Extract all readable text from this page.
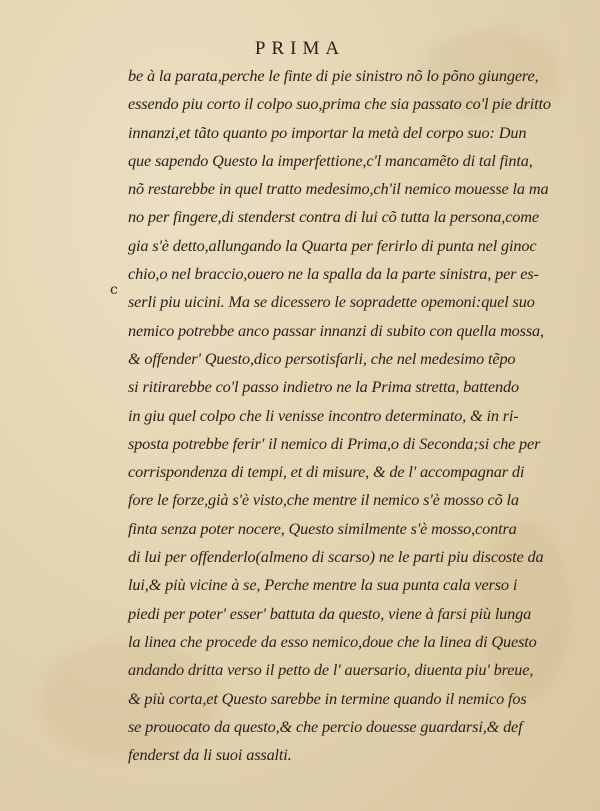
PRIMA
c
be à la parata,perche le finte di pie sinistro nõ lo põno giungere,
essendo piu corto il colpo suo,prima che sia passato co'l pie dritto
innanzi,et tãto quanto po importar la metà del corpo suo: Dun
que sapendo Questo la imperfettione,c'l mancamẽto di tal finta,
nõ restarebbe in quel tratto medesimo,ch'il nemico mouesse la ma
no per fingere,di stenderst contra di lui cõ tutta la persona,come
gia s'è detto,allungando la Quarta per ferirlo di punta nel ginoc
chio,o nel braccio,ouero ne la spalla da la parte sinistra, per es-
serli piu uicini. Ma se dicessero le sopradette opemoni:quel suo
nemico potrebbe anco passar innanzi di subito con quella mossa,
& offender' Questo,dico persotisfarli, che nel medesimo tẽpo
si ritirarebbe co'l passo indietro ne la Prima stretta, battendo
in giu quel colpo che li venisse incontro determinato, & in ri-
sposta potrebbe ferir' il nemico di Prima,o di Seconda;si che per
corrispondenza di tempi, et di misure, & de l' accompagnar di
fore le forze,già s'è visto,che mentre il nemico s'è mosso cõ la
finta senza poter nocere, Questo similmente s'è mosso,contra
di lui per offenderlo(almeno di scarso) ne le parti piu discoste da
lui,& più vicine à se, Perche mentre la sua punta cala verso i
piedi per poter' esser' battuta da questo, viene à farsi più lunga
la linea che procede da esso nemico,doue che la linea di Questo
andando dritta verso il petto de l' auersario, diuenta piu' breue,
& più corta,et Questo sarebbe in termine quando il nemico fos
se prouocato da questo,& che percio douesse guardarsi,& def
fenderst da li suoi assalti.
